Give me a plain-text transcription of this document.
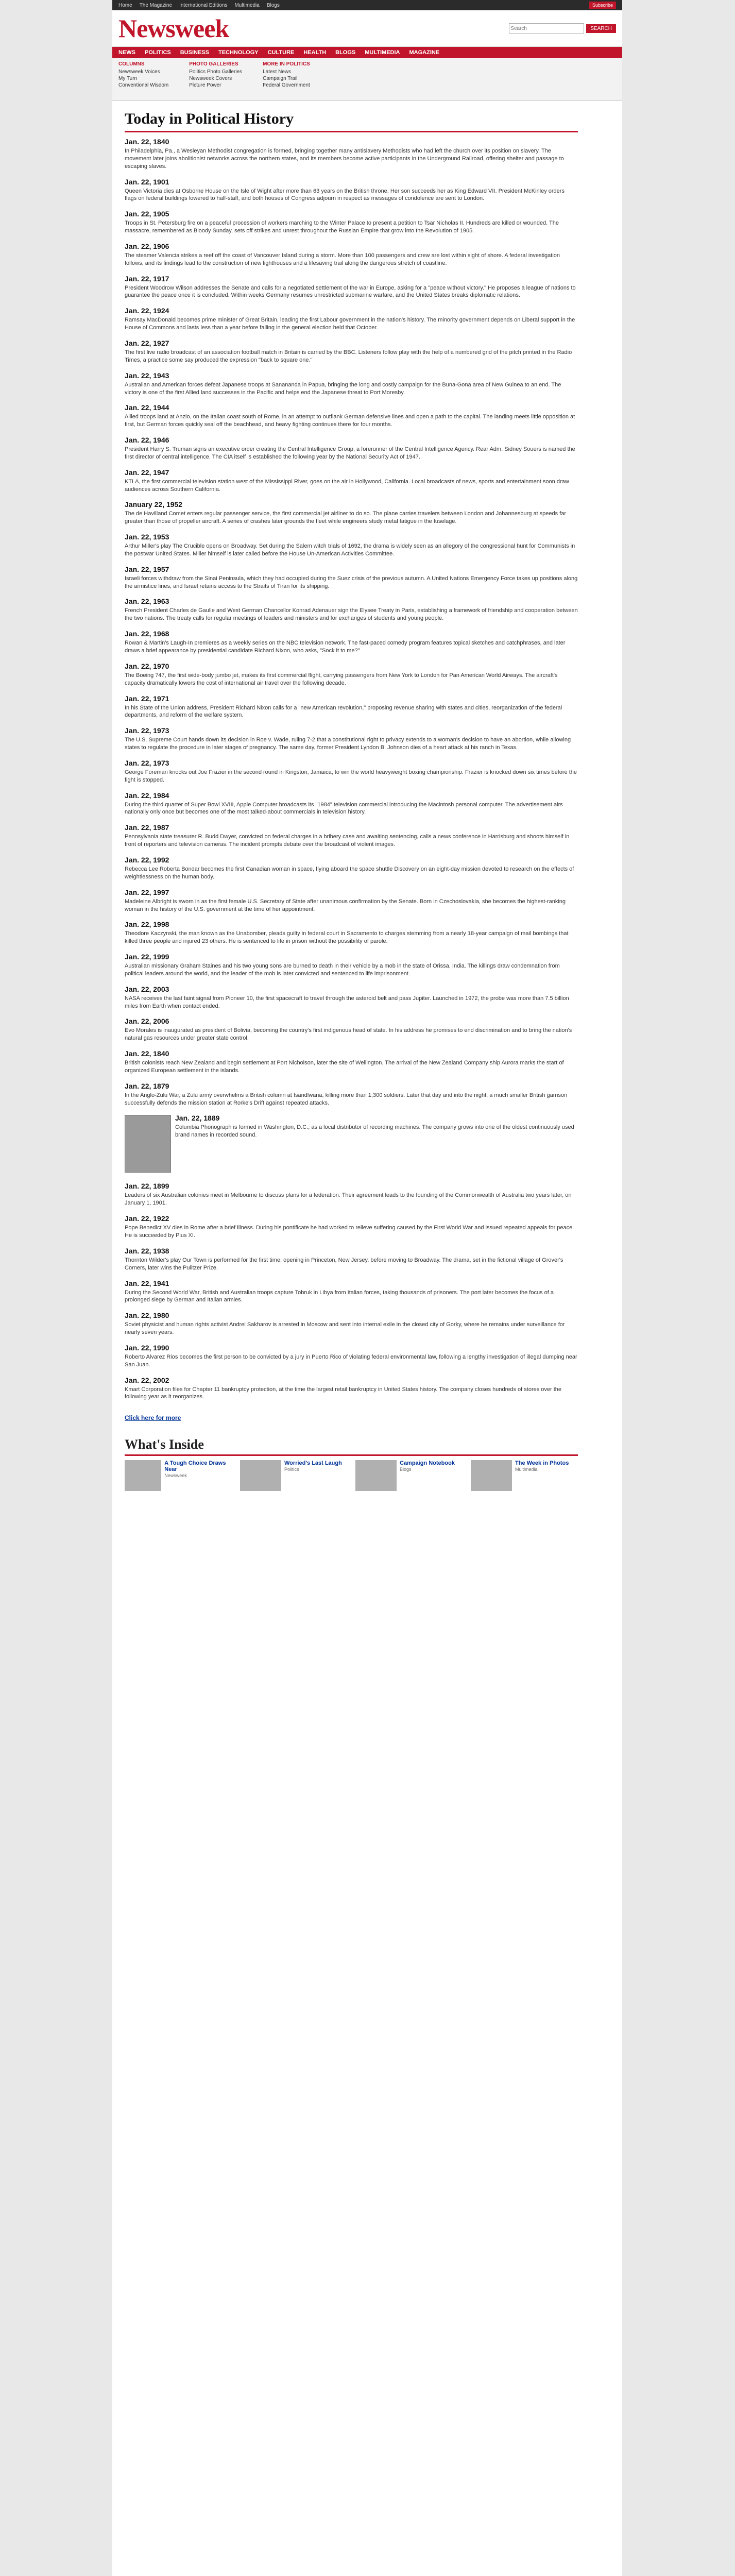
Home The Magazine International Editions Multimedia Blogs	Subscribe
Newsweek
Search	SEARCH
NEWS POLITICS BUSINESS TECHNOLOGY CULTURE HEALTH BLOGS MULTIMEDIA MAGAZINE
COLUMNS
Newsweek Voices
My Turn
Conventional Wisdom
PHOTO GALLERIES
Politics Photo Galleries
Newsweek Covers
Picture Power
MORE IN POLITICS
Latest News
Campaign Trail
Federal Government
Today in Political History
Jan. 22, 1840

In Philadelphia, Pa., a Wesleyan Methodist congregation is formed, bringing together many antislavery Methodists who had left the church over its position on slavery. The movement later joins abolitionist networks across the northern states, and its members become active participants in the Underground Railroad, offering shelter and passage to escaping slaves.

Jan. 22, 1901

Queen Victoria dies at Osborne House on the Isle of Wight after more than 63 years on the British throne. Her son succeeds her as King Edward VII. President McKinley orders flags on federal buildings lowered to half-staff, and both houses of Congress adjourn in respect as messages of condolence are sent to London.

Jan. 22, 1905

Troops in St. Petersburg fire on a peaceful procession of workers marching to the Winter Palace to present a petition to Tsar Nicholas II. Hundreds are killed or wounded. The massacre, remembered as Bloody Sunday, sets off strikes and unrest throughout the Russian Empire that grow into the Revolution of 1905.

Jan. 22, 1906

The steamer Valencia strikes a reef off the coast of Vancouver Island during a storm. More than 100 passengers and crew are lost within sight of shore. A federal investigation follows, and its findings lead to the construction of new lighthouses and a lifesaving trail along the dangerous stretch of coastline.

Jan. 22, 1917

President Woodrow Wilson addresses the Senate and calls for a negotiated settlement of the war in Europe, asking for a "peace without victory." He proposes a league of nations to guarantee the peace once it is concluded. Within weeks Germany resumes unrestricted submarine warfare, and the United States breaks diplomatic relations.

Jan. 22, 1924

Ramsay MacDonald becomes prime minister of Great Britain, leading the first Labour government in the nation's history. The minority government depends on Liberal support in the House of Commons and lasts less than a year before falling in the general election held that October.

Jan. 22, 1927

The first live radio broadcast of an association football match in Britain is carried by the BBC. Listeners follow play with the help of a numbered grid of the pitch printed in the Radio Times, a practice some say produced the expression "back to square one."

Jan. 22, 1943

Australian and American forces defeat Japanese troops at Sanananda in Papua, bringing the long and costly campaign for the Buna-Gona area of New Guinea to an end. The victory is one of the first Allied land successes in the Pacific and helps end the Japanese threat to Port Moresby.

Jan. 22, 1944

Allied troops land at Anzio, on the Italian coast south of Rome, in an attempt to outflank German defensive lines and open a path to the capital. The landing meets little opposition at first, but German forces quickly seal off the beachhead, and heavy fighting continues there for four months.

Jan. 22, 1946

President Harry S. Truman signs an executive order creating the Central Intelligence Group, a forerunner of the Central Intelligence Agency. Rear Adm. Sidney Souers is named the first director of central intelligence. The CIA itself is established the following year by the National Security Act of 1947.

Jan. 22, 1947

KTLA, the first commercial television station west of the Mississippi River, goes on the air in Hollywood, California. Local broadcasts of news, sports and entertainment soon draw audiences across Southern California.

January 22, 1952

The de Havilland Comet enters regular passenger service, the first commercial jet airliner to do so. The plane carries travelers between London and Johannesburg at speeds far greater than those of propeller aircraft. A series of crashes later grounds the fleet while engineers study metal fatigue in the fuselage.

Jan. 22, 1953

Arthur Miller's play The Crucible opens on Broadway. Set during the Salem witch trials of 1692, the drama is widely seen as an allegory of the congressional hunt for Communists in the postwar United States. Miller himself is later called before the House Un-American Activities Committee.

Jan. 22, 1957

Israeli forces withdraw from the Sinai Peninsula, which they had occupied during the Suez crisis of the previous autumn. A United Nations Emergency Force takes up positions along the armistice lines, and Israel retains access to the Straits of Tiran for its shipping.

Jan. 22, 1963

French President Charles de Gaulle and West German Chancellor Konrad Adenauer sign the Elysee Treaty in Paris, establishing a framework of friendship and cooperation between the two nations. The treaty calls for regular meetings of leaders and ministers and for exchanges of students and young people.

Jan. 22, 1968

Rowan & Martin's Laugh-In premieres as a weekly series on the NBC television network. The fast-paced comedy program features topical sketches and catchphrases, and later draws a brief appearance by presidential candidate Richard Nixon, who asks, "Sock it to me?"

Jan. 22, 1970

The Boeing 747, the first wide-body jumbo jet, makes its first commercial flight, carrying passengers from New York to London for Pan American World Airways. The aircraft's capacity dramatically lowers the cost of international air travel over the following decade.

Jan. 22, 1971

In his State of the Union address, President Richard Nixon calls for a "new American revolution," proposing revenue sharing with states and cities, reorganization of the federal departments, and reform of the welfare system.

Jan. 22, 1973

The U.S. Supreme Court hands down its decision in Roe v. Wade, ruling 7-2 that a constitutional right to privacy extends to a woman's decision to have an abortion, while allowing states to regulate the procedure in later stages of pregnancy. The same day, former President Lyndon B. Johnson dies of a heart attack at his ranch in Texas.

Jan. 22, 1973

George Foreman knocks out Joe Frazier in the second round in Kingston, Jamaica, to win the world heavyweight boxing championship. Frazier is knocked down six times before the fight is stopped.

Jan. 22, 1984

During the third quarter of Super Bowl XVIII, Apple Computer broadcasts its "1984" television commercial introducing the Macintosh personal computer. The advertisement airs nationally only once but becomes one of the most talked-about commercials in television history.

Jan. 22, 1987

Pennsylvania state treasurer R. Budd Dwyer, convicted on federal charges in a bribery case and awaiting sentencing, calls a news conference in Harrisburg and shoots himself in front of reporters and television cameras. The incident prompts debate over the broadcast of violent images.

Jan. 22, 1992

Rebecca Lee Roberta Bondar becomes the first Canadian woman in space, flying aboard the space shuttle Discovery on an eight-day mission devoted to research on the effects of weightlessness on the human body.

Jan. 22, 1997

Madeleine Albright is sworn in as the first female U.S. Secretary of State after unanimous confirmation by the Senate. Born in Czechoslovakia, she becomes the highest-ranking woman in the history of the U.S. government at the time of her appointment.

Jan. 22, 1998

Theodore Kaczynski, the man known as the Unabomber, pleads guilty in federal court in Sacramento to charges stemming from a nearly 18-year campaign of mail bombings that killed three people and injured 23 others. He is sentenced to life in prison without the possibility of parole.

Jan. 22, 1999

Australian missionary Graham Staines and his two young sons are burned to death in their vehicle by a mob in the state of Orissa, India. The killings draw condemnation from political leaders around the world, and the leader of the mob is later convicted and sentenced to life imprisonment.

Jan. 22, 2003

NASA receives the last faint signal from Pioneer 10, the first spacecraft to travel through the asteroid belt and pass Jupiter. Launched in 1972, the probe was more than 7.5 billion miles from Earth when contact ended.

Jan. 22, 2006

Evo Morales is inaugurated as president of Bolivia, becoming the country's first indigenous head of state. In his address he promises to end discrimination and to bring the nation's natural gas resources under greater state control.

Jan. 22, 1840

British colonists reach New Zealand and begin settlement at Port Nicholson, later the site of Wellington. The arrival of the New Zealand Company ship Aurora marks the start of organized European settlement in the islands.

Jan. 22, 1879

In the Anglo-Zulu War, a Zulu army overwhelms a British column at Isandlwana, killing more than 1,300 soldiers. Later that day and into the night, a much smaller British garrison successfully defends the mission station at Rorke's Drift against repeated attacks.

Jan. 22, 1889

Columbia Phonograph is formed in Washington, D.C., as a local distributor of recording machines. The company grows into one of the oldest continuously used brand names in recorded sound.

Jan. 22, 1899

Leaders of six Australian colonies meet in Melbourne to discuss plans for a federation. Their agreement leads to the founding of the Commonwealth of Australia two years later, on January 1, 1901.

Jan. 22, 1922

Pope Benedict XV dies in Rome after a brief illness. During his pontificate he had worked to relieve suffering caused by the First World War and issued repeated appeals for peace. He is succeeded by Pius XI.

Jan. 22, 1938

Thornton Wilder's play Our Town is performed for the first time, opening in Princeton, New Jersey, before moving to Broadway. The drama, set in the fictional village of Grover's Corners, later wins the Pulitzer Prize.

Jan. 22, 1941

During the Second World War, British and Australian troops capture Tobruk in Libya from Italian forces, taking thousands of prisoners. The port later becomes the focus of a prolonged siege by German and Italian armies.

Jan. 22, 1980

Soviet physicist and human rights activist Andrei Sakharov is arrested in Moscow and sent into internal exile in the closed city of Gorky, where he remains under surveillance for nearly seven years.

Jan. 22, 1990

Roberto Alvarez Rios becomes the first person to be convicted by a jury in Puerto Rico of violating federal environmental law, following a lengthy investigation of illegal dumping near San Juan.

Jan. 22, 2002

Kmart Corporation files for Chapter 11 bankruptcy protection, at the time the largest retail bankruptcy in United States history. The company closes hundreds of stores over the following year as it reorganizes.

Click here for more
What's Inside
A Tough Choice Draws Near
Newsweek
Worried's Last Laugh
Politics
Campaign Notebook
Blogs
The Week in Photos
Multimedia
